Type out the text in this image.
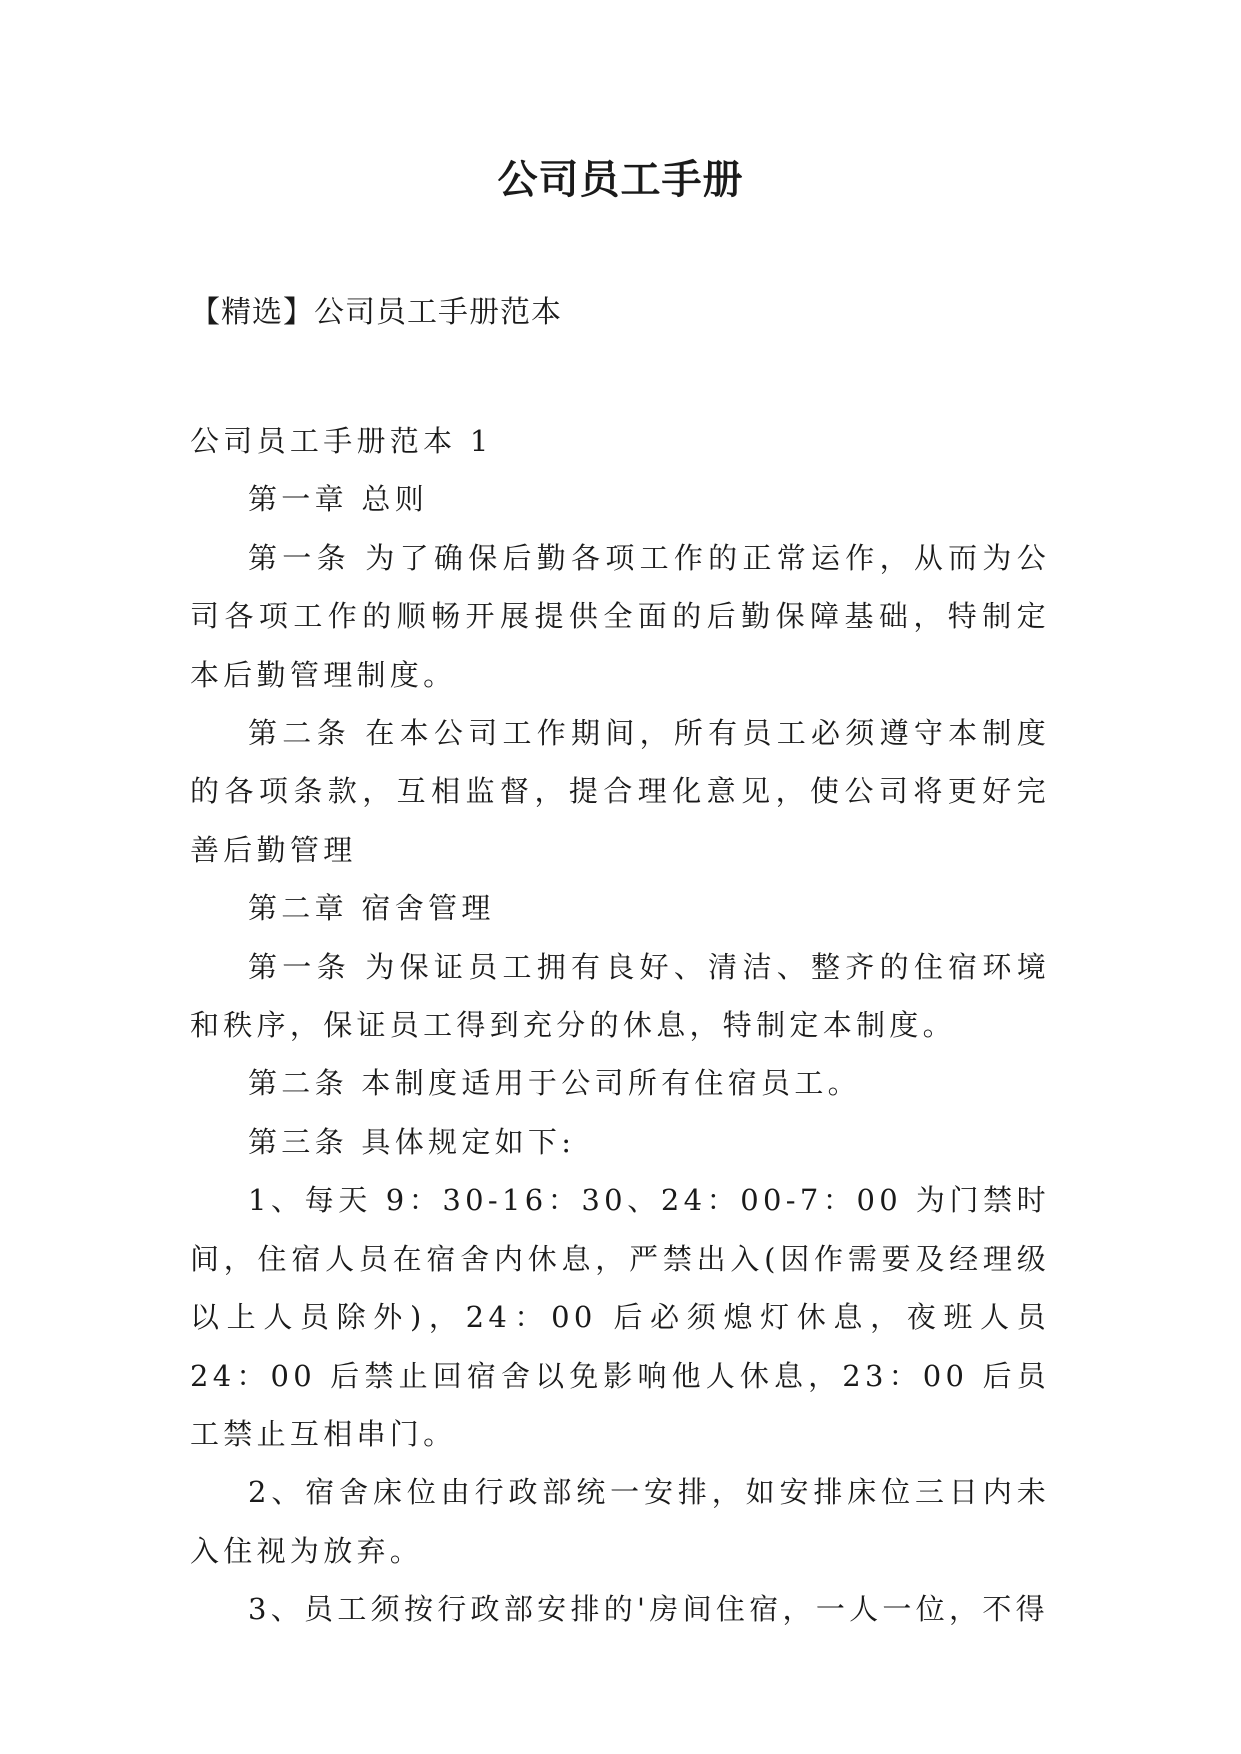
公司员工手册
【精选】公司员工手册范本

公司员工手册范本 1

第一章 总则

第一条 为了确保后勤各项工作的正常运作，从而为公司各项工作的顺畅开展提供全面的后勤保障基础，特制定本后勤管理制度。

第二条 在本公司工作期间，所有员工必须遵守本制度的各项条款，互相监督，提合理化意见，使公司将更好完善后勤管理

第二章 宿舍管理

第一条 为保证员工拥有良好、清洁、整齐的住宿环境和秩序，保证员工得到充分的休息，特制定本制度。

第二条 本制度适用于公司所有住宿员工。

第三条 具体规定如下:

1、每天 9：30-16：30、24：00-7：00 为门禁时间，住宿人员在宿舍内休息，严禁出入(因作需要及经理级以上人员除外)，24：00 后必须熄灯休息，夜班人员 24：00 后禁止回宿舍以免影响他人休息，23：00 后员工禁止互相串门。

2、宿舍床位由行政部统一安排，如安排床位三日内未入住视为放弃。

3、员工须按行政部安排的'房间住宿，一人一位，不得
